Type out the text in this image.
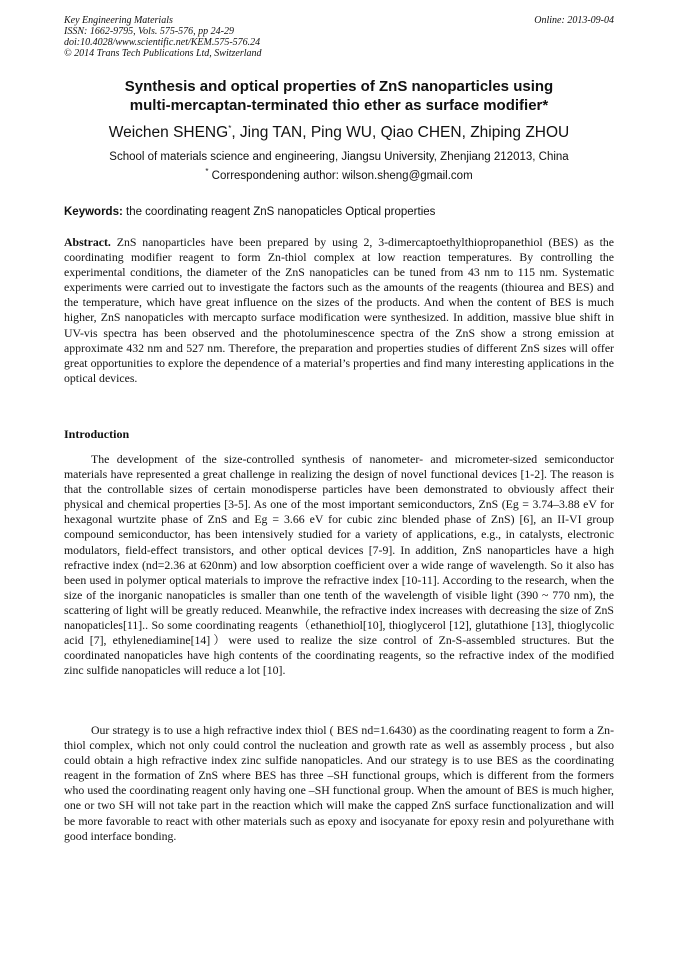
Key Engineering Materials
ISSN: 1662-9795, Vols. 575-576, pp 24-29
doi:10.4028/www.scientific.net/KEM.575-576.24
© 2014 Trans Tech Publications Ltd, Switzerland
Online: 2013-09-04
Synthesis and optical properties of ZnS nanoparticles using
multi-mercaptan-terminated thio ether as surface modifier*
Weichen SHENG*, Jing TAN, Ping WU, Qiao CHEN, Zhiping ZHOU
School of materials science and engineering, Jiangsu University, Zhenjiang 212013, China
* Correspondening author: wilson.sheng@gmail.com
Keywords: the coordinating reagent ZnS nanopaticles Optical properties

Abstract. ZnS nanoparticles have been prepared by using 2, 3-dimercaptoethylthiopropanethiol (BES) as the coordinating modifier reagent to form Zn-thiol complex at low reaction temperatures. By controlling the experimental conditions, the diameter of the ZnS nanopaticles can be tuned from 43 nm to 115 nm. Systematic experiments were carried out to investigate the factors such as the amounts of the reagents (thiourea and BES) and the temperature, which have great influence on the sizes of the products. And when the content of BES is much higher, ZnS nanopaticles with mercapto surface modification were synthesized. In addition, massive blue shift in UV-vis spectra has been observed and the photoluminescence spectra of the ZnS show a strong emission at approximate 432 nm and 527 nm. Therefore, the preparation and properties studies of different ZnS sizes will offer great opportunities to explore the dependence of a material’s properties and find many interesting applications in the optical devices.

Introduction

The development of the size-controlled synthesis of nanometer- and micrometer-sized semiconductor materials have represented a great challenge in realizing the design of novel functional devices [1-2]. The reason is that the controllable sizes of certain monodisperse particles have been demonstrated to obviously affect their physical and chemical properties [3-5]. As one of the most important semiconductors, ZnS (Eg = 3.74–3.88 eV for hexagonal wurtzite phase of ZnS and Eg = 3.66 eV for cubic zinc blended phase of ZnS) [6], an II-VI group compound semiconductor, has been intensively studied for a variety of applications, e.g., in catalysts, electronic modulators, field-effect transistors, and other optical devices [7-9]. In addition, ZnS nanoparticles have a high refractive index (nd=2.36 at 620nm) and low absorption coefficient over a wide range of wavelength. So it also has been used in polymer optical materials to improve the refractive index [10-11]. According to the research, when the size of the inorganic nanopaticles is smaller than one tenth of the wavelength of visible light (390 ~ 770 nm), the scattering of light will be greatly reduced. Meanwhile, the refractive index increases with decreasing the size of ZnS nanopaticles[11].. So some coordinating reagents（ethanethiol[10], thioglycerol [12], glutathione [13], thioglycolic acid [7], ethylenediamine[14]）were used to realize the size control of Zn-S-assembled structures. But the coordinated nanopaticles have high contents of the coordinating reagents, so the refractive index of the modified zinc sulfide nanopaticles will reduce a lot [10].

Our strategy is to use a high refractive index thiol ( BES nd=1.6430) as the coordinating reagent to form a Zn-thiol complex, which not only could control the nucleation and growth rate as well as assembly process , but also could obtain a high refractive index zinc sulfide nanopaticles. And our strategy is to use BES as the coordinating reagent in the formation of ZnS where BES has three –SH functional groups, which is different from the formers who used the coordinating reagent only having one –SH functional group. When the amount of BES is much higher, one or two SH will not take part in the reaction which will make the capped ZnS surface functionalization and will be more favorable to react with other materials such as epoxy and isocyanate for epoxy resin and polyurethane with good interface bonding.
